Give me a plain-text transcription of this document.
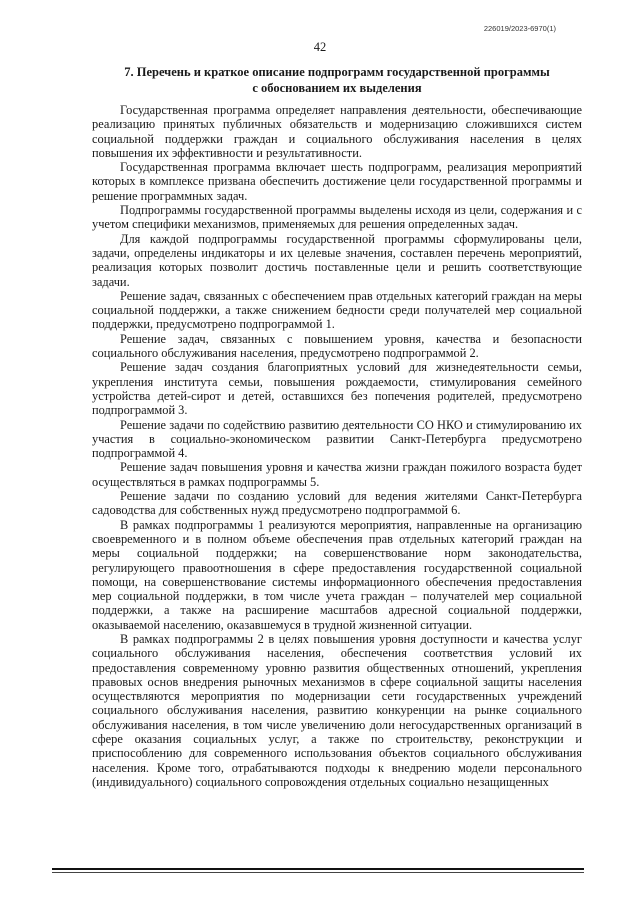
226019/2023-6970(1)
42
7. Перечень и краткое описание подпрограмм государственной программы
с обоснованием их выделения

Государственная программа определяет направления деятельности, обеспечивающие реализацию принятых публичных обязательств и модернизацию сложившихся систем социальной поддержки граждан и социального обслуживания населения в целях повышения их эффективности и результативности.

Государственная программа включает шесть подпрограмм, реализация мероприятий которых в комплексе призвана обеспечить достижение цели государственной программы и решение программных задач.

Подпрограммы государственной программы выделены исходя из цели, содержания и с учетом специфики механизмов, применяемых для решения определенных задач.

Для каждой подпрограммы государственной программы сформулированы цели, задачи, определены индикаторы и их целевые значения, составлен перечень мероприятий, реализация которых позволит достичь поставленные цели и решить соответствующие задачи.

Решение задач, связанных с обеспечением прав отдельных категорий граждан на меры социальной поддержки, а также снижением бедности среди получателей мер социальной поддержки, предусмотрено подпрограммой 1.

Решение задач, связанных с повышением уровня, качества и безопасности социального обслуживания населения, предусмотрено подпрограммой 2.

Решение задач создания благоприятных условий для жизнедеятельности семьи, укрепления института семьи, повышения рождаемости, стимулирования семейного устройства детей-сирот и детей, оставшихся без попечения родителей, предусмотрено подпрограммой 3.

Решение задачи по содействию развитию деятельности СО НКО и стимулированию их участия в социально-экономическом развитии Санкт-Петербурга предусмотрено подпрограммой 4.

Решение задач повышения уровня и качества жизни граждан пожилого возраста будет осуществляться в рамках подпрограммы 5.

Решение задачи по созданию условий для ведения жителями Санкт-Петербурга садоводства для собственных нужд предусмотрено подпрограммой 6.

В рамках подпрограммы 1 реализуются мероприятия, направленные на организацию своевременного и в полном объеме обеспечения прав отдельных категорий граждан на меры социальной поддержки; на совершенствование норм законодательства, регулирующего правоотношения в сфере предоставления государственной социальной помощи, на совершенствование системы информационного обеспечения предоставления мер социальной поддержки, в том числе учета граждан – получателей мер социальной поддержки, а также на расширение масштабов адресной социальной поддержки, оказываемой населению, оказавшемуся в трудной жизненной ситуации.

В рамках подпрограммы 2 в целях повышения уровня доступности и качества услуг социального обслуживания населения, обеспечения соответствия условий их предоставления современному уровню развития общественных отношений, укрепления правовых основ внедрения рыночных механизмов в сфере социальной защиты населения осуществляются мероприятия по модернизации сети государственных учреждений социального обслуживания населения, развитию конкуренции на рынке социального обслуживания населения, в том числе увеличению доли негосударственных организаций в сфере оказания социальных услуг, а также по строительству, реконструкции и приспособлению для современного использования объектов социального обслуживания населения. Кроме того, отрабатываются подходы к внедрению модели персонального (индивидуального) социального сопровождения отдельных социально незащищенных
